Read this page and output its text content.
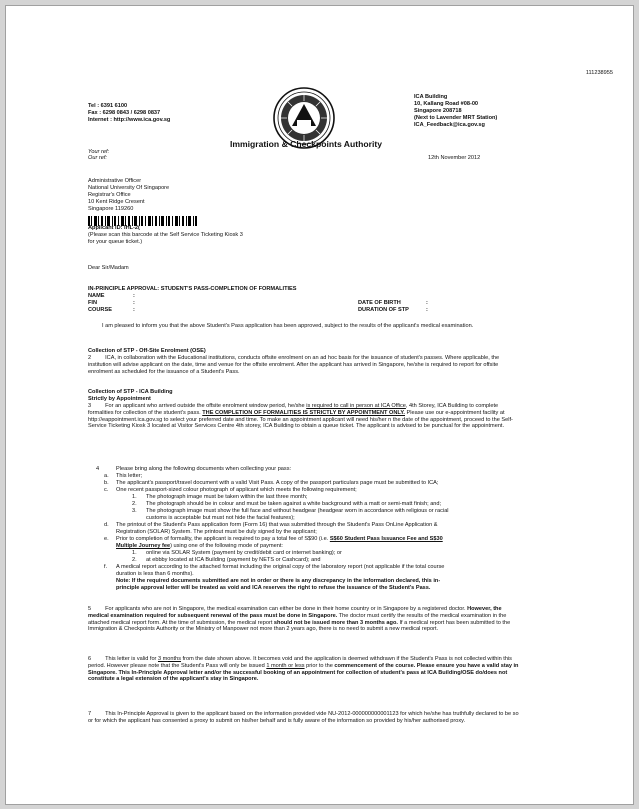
111238955
Tel : 6391 6100
Fax : 6298 0843 / 6298 0837
Internet : http://www.ica.gov.sg
ICA Building
10, Kallang Road #08-00
Singapore 208718
(Next to Lavender MRT Station)
ICA_Feedback@ica.gov.sg
Immigration & Checkpoints Authority
Your ref:
Our ref:	12th November 2012
Administrative Officer
National University Of Singapore
Registrar's Office
10 Kent Ridge Cresent
Singapore 119260
Applicant ID: IHL-2(
(Please scan this barcode at the Self Service Ticketing Kiosk 3
for your queue ticket.)
Dear Sir/Madam
IN-PRINCIPLE APPROVAL: STUDENT'S PASS-COMPLETION OF FORMALITIES
NAME	:
FIN	:	DATE OF BIRTH	:
COURSE	:	DURATION OF STP	:
I am pleased to inform you that the above Student's Pass application has been approved, subject to the results of the applicant's medical examination.
Collection of STP - Off-Site Enrolment (OSE)
2	ICA, in collaboration with the Educational institutions, conducts offsite enrolment on an ad hoc basis for the issuance of student's passes. Where applicable, the institution will advise applicant on the date, time and venue for the offsite enrolment. After the applicant has arrived in Singapore, he/she is required to report for offsite enrolment as scheduled for the issuance of a Student's Pass.
Collection of STP - ICA Building
Strictly by Appointment
3	For an applicant who arrived outside the offsite enrolment window period, he/she is required to call in person at ICA Office, 4th Storey, ICA Building to complete formalities for collection of the student's pass. THE COMPLETION OF FORMALITIES IS STRICTLY BY APPOINTMENT ONLY. Please use our e-appointment facility at http://eappointment.ica.gov.sg to select your preferred date and time. To make an appointment applicant will need his/her n the date of the appointment, proceed to the Self-Service Ticketing Kiosk 3 located at Visitor Services Centre 4th storey, ICA Building to obtain a queue ticket. The applicant is advised to be punctual for the appointment.
4	Please bring along the following documents when collecting your pass:
a. This letter;
b. The applicant's passport/travel document with a valid Visit Pass. A copy of the passport particulars page must be submitted to ICA;
c. One recent passport-sized colour photograph of applicant which meets the following requirement;
1. The photograph image must be taken within the last three month;
2. The photograph should be in colour and must be taken against a white background with a matt or semi-matt finish; and;
3. The photograph image must show the full face and without headgear (headgear worn in accordance with religious or racial
customs is acceptable but must not hide the facial features);
d. The printout of the Student's Pass application form (Form 16) that was submitted through the Student's Pass OnLine Application &
Registration (SOLAR) System. The printout must be duly signed by the applicant;
e. Prior to completion of formality, the applicant is required to pay a total fee of S$90 (i.e. S$60 Student Pass Issuance Fee and S$30
Multiple Journey fee) using one of the following mode of payment:
1. online via SOLAR System (payment by credit/debit card or internet banking); or
2. at ebbby located at ICA Building (payment by NETS or Cashcard); and
f. A medical report according to the attached format including the original copy of the laboratory report (not applicable if the total course
duration is less than 6 months).
Note: If the required documents submitted are not in order or there is any discrepancy in the information declared, this in-
principle approval letter will be treated as void and ICA reserves the right to refuse the issuance of the Student's Pass.
5	For applicants who are not in Singapore, the medical examination can either be done in their home country or in Singapore by a registered doctor. However, the medical examination required for subsequent renewal of the pass must be done in Singapore. The doctor must certify the results of the medical examination in the attached medical report form. At the time of submission, the medical report should not be issued more than 3 months ago. If a medical report has been submitted to the Immigration & Checkpoints Authority or the Ministry of Manpower not more than 2 years ago, there is no need to submit a new medical report.
6	This letter is valid for 3 months from the date shown above. It becomes void and the application is deemed withdrawn if the Student's Pass is not collected within this period. However please note that the Student's Pass will only be issued 1 month or less prior to the commencement of the course. Please ensure you have a valid stay in Singapore. This In-Principle Approval letter and/or the successful booking of an appointment for collection of student's pass at ICA Building/OSE do/does not constitute a legal extension of the applicant's stay in Singapore.
7	This In-Principle Approval is given to the applicant based on the information provided vide NU-2012-000000000001123 for which he/she has truthfully declared to be so or for which the applicant has consented a proxy to submit on his/her behalf and is fully aware of the information so provided by his/her authorised proxy.
